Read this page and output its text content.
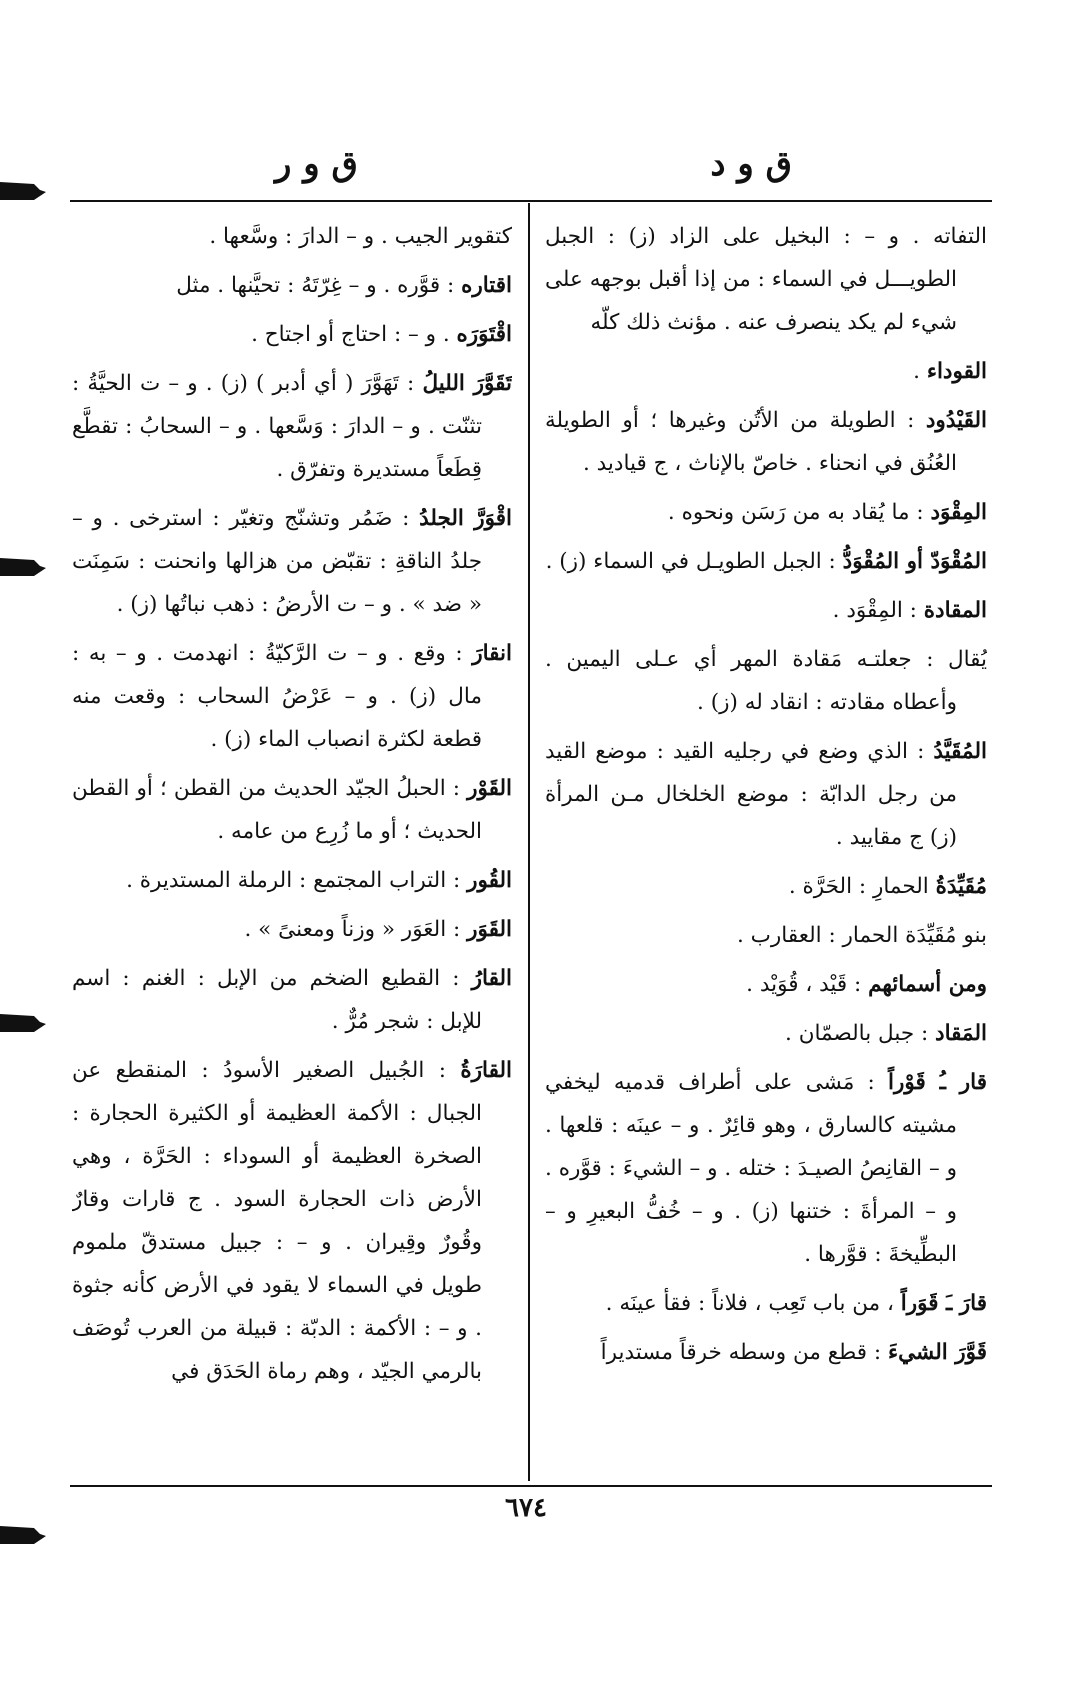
ق و د
ق و ر

التفاته . و – : البخيل على الزاد (ز) : الجبل الطويـــل في السماء : من إذا أقبل بوجهه على شيء لم يكد ينصرف عنه . مؤنث ذلك كلّه

القوداء .

القَيْدُود : الطويلة من الأتُن وغيرها ؛ أو الطويلة العُنُق في انحناء . خاصّ بالإناث ، ج قياديد .

المِقْوَد : ما يُقاد به من رَسَن ونحوه .

المُقْوَدّ أو المُقْوَدُّ : الجبل الطويـل في السماء (ز) .

المقادة : المِقْوَد .

يُقال : جعلتـه مَقادة المهر أي عـلى اليمين . وأعطاه مقادته : انقاد له (ز) .

المُقَيَّدُ : الذي وضع في رجليه القيد : موضع القيد من رجل الدابّة : موضع الخلخال مـن المرأة (ز) ج مقاييد .

مُقَيِّدَةُ الحمارِ : الحَرَّة .

بنو مُقَيِّدَة الحمار : العقارب .

ومن أسمائهم : قَيْد ، قُوَيْد .

المَقاد : جبل بالصمّان .

قار ـُ قَوْراً : مَشى على أطراف قدميه ليخفي مشيته كالسارق ، وهو قائِرٌ . و – عينَه : قلعها . و – القانِصُ الصيـدَ : ختله . و – الشيءَ : قوَّره . و – المرأةَ : ختنها (ز) . و – خُفُّ البعيرِ و – البطِّيخةَ : قوَّرها .

قارَ ـَ قَوَراً ، من باب تَعِب ، فلاناً : فقأ عينَه .

قَوَّرَ الشيءَ : قطع من وسطه خرقاً مستديراً

كتقوير الجيب . و – الدارَ : وسَّعها .

اقتاره : قوَّره . و – غِرّتَهُ : تحيَّنها . مثل

اقْتَوَرَه . و – : احتاج أو اجتاح .

تَقَوَّرَ الليلُ : تَهَوَّرَ ( أي أدبر ) (ز) . و – ت الحيَّةُ : تثنّت . و – الدارَ : وَسَّعها . و – السحابُ : تقطَّع قِطَعاً مستديرة وتفرّق .

اقْوَرَّ الجلدُ : ضَمُر وتشنّج وتغيّر : استرخى . و – جلدُ الناقةِ : تقبّض من هزالها وانحنت : سَمِنَت « ضد » . و – ت الأرضُ : ذهب نباتُها (ز) .

انقارَ : وقع . و – ت الرَّكيّةُ : انهدمت . و – به : مال (ز) . و – عَرْضُ السحاب : وقعت منه قطعة لكثرة انصباب الماء (ز) .

القَوْر : الحبلُ الجيّد الحديث من القطن ؛ أو القطن الحديث ؛ أو ما زُرِع من عامه .

القُور : التراب المجتمع : الرملة المستديرة .

القَوَر : العَوَر « وزناً ومعنىً » .

القارُ : القطيع الضخم من الإبل : الغنم : اسم للإبل : شجر مُرٌّ .

القارَةُ : الجُبيل الصغير الأسودُ : المنقطع عن الجبال : الأكمة العظيمة أو الكثيرة الحجارة : الصخرة العظيمة أو السوداء : الحَرَّة ، وهي الأرض ذات الحجارة السود . ج قارات وقارٌ وقُورٌ وقِيران . و – : جبيل مستدقّ ملموم طويل في السماء لا يقود في الأرض كأنه جثوة . و – : الأكمة : الدبّة : قبيلة من العرب تُوصَف بالرمي الجيّد ، وهم رماة الحَدَق في

٦٧٤
